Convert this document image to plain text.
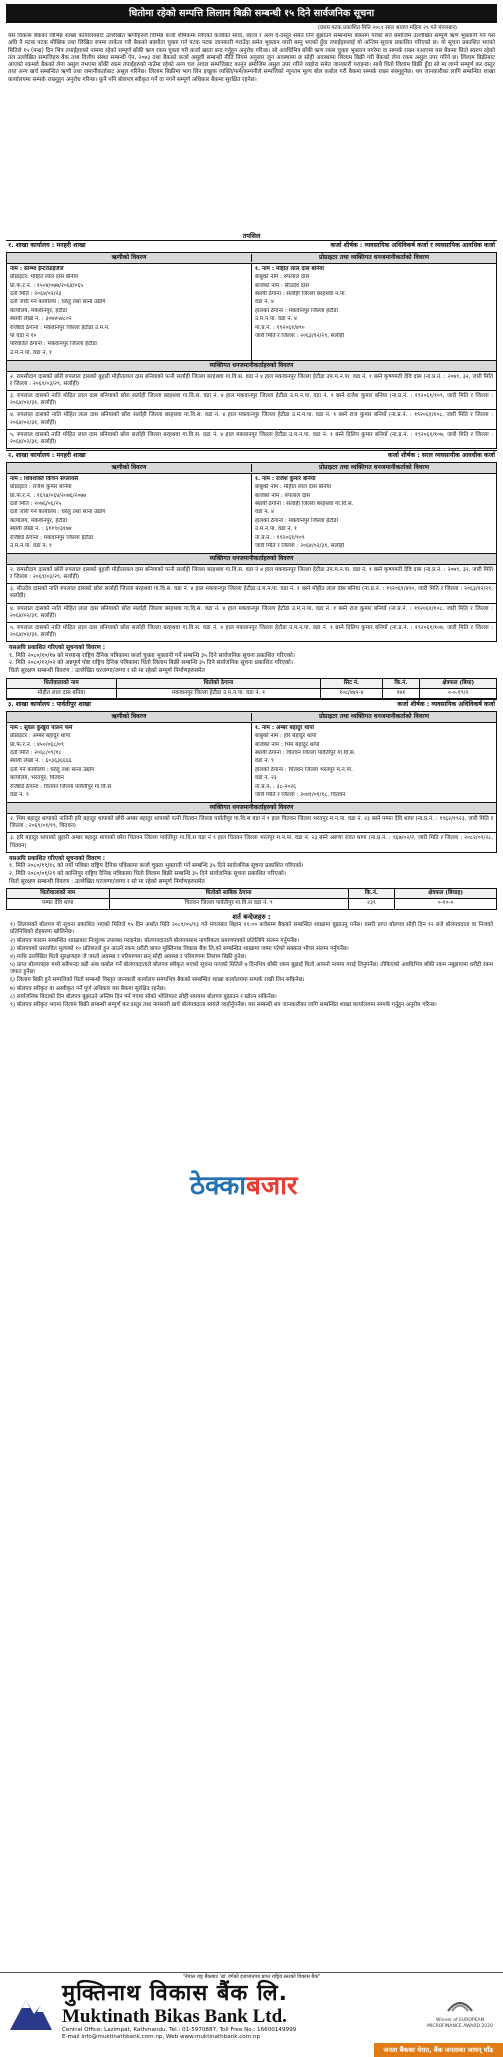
धितोमा रहेको सम्पत्ति लिलाम बिक्री सम्बन्धी १५ दिने सार्वजनिक सूचना
(प्रथम पटक प्रकाशित मिति २०८१ साल श्रावण महिना २९ गते मंगलबार)
यस विकास बैंकका विभिन्न शाखा कार्यालयबाट उल्लेखित ऋणीहरुले विभिन्न कर्जा शीर्षकमा लिएको कर्जाको साँवा, ब्याज र अन्य दै-दस्तुर समेत तिर्ने बुझाउने सम्बन्धमा बैकसंग गरेको सर्त बमोजिम उल्लेखित सम्पूर्ण ऋण भुक्तानी गर्न यस अघि नै पटक पटक मौखिक तथा लिखित रुपमा ताकेता गरी बैकको बक्यौता चुक्ता गर्न पटक पटक जानकारी गराउँदा समेत भुक्तान नगरी बस्नु भएको हुँदा तपाईंहरुलाई यो अन्तिम सूचना प्रकाशित गरिएको छ। यो सूचना प्रकाशित भएको मितिले १५ (पन्ध्र) दिन भित्र तपाईंहरुको नाममा रहेको सम्पूर्ण बाँकी ऋण रकम चुक्ता गरी कर्जा खाता बन्द गर्नुहुन अनुरोध गरिन्छ। सो अवधिभित्र बाँकी ऋण रकम चुक्ता भुक्तान नगरेमा वा सम्पर्क राख्न नआएमा यस बैकमा धितो स्वरुप रहेको तल उल्लेखित सम्पत्तिहरु बैक तथा वित्तीय संस्था सम्बन्धी ऐन, २०७३ तथा बैकको कर्जा असुली सम्बन्धी नीति नियम अनुसार जुन अवस्थामा छ सोही अवस्थामा लिलाम बिक्री गरी बैकको लेना रकम असुल उपर गरिने छ। लिलाम बिक्रीबाट आएको रकमले बैकको लेना असुल नभएमा बाँकी रकम तपाईंहरुको नाउँमा रहेको अन्य चल अचल सम्पत्तिबाट कानुन बमोजिम असुल उपर गरिने व्यहोरा समेत जानकारी गराइन्छ। साथै धितो लिलाम बिक्री हुँदा सो मा लाग्ने सम्पूर्ण कर दस्तुर तथा अन्य खर्च सम्बन्धित ऋणी तथा जमानीकर्ताबाट असुल गरिनेछ। लिलाम बिक्रीमा भाग लिन इच्छुक व्यक्ति/फर्म/कम्पनीले सम्पत्तिको न्यूनतम मूल्य बोल कबोल गरी बैकमा सम्पर्क राख्न सक्नुहुनेछ। थप जानकारीका लागि सम्बन्धित शाखा कार्यालयमा सम्पर्क राख्नुहुन अनुरोध गरिन्छ। कुनै पनि बोलपत्र स्वीकृत गर्ने वा नगर्ने सम्पूर्ण अधिकार बैकमा सुरक्षित रहनेछ।
तपसिल
१. शाखा कार्यालय : मनहरी शाखा	कर्जा शीर्षक : व्यवसायिक अधिविकर्ष कर्जा र व्यवसायिक आवधिक कर्जा
ऋणीको विवरण	प्रोप्राइटर तथा व्यक्तिगत धनजमानीकर्ताको विवरण
नाम : साम्भा ईन्टरप्राईजेज
प्रोप्राइटर: मोहित लाल दास बनिया
प्रा.फ.र.नं. : १५०४/०७७/२०६४/०६५
दर्ता मिति : २०६४/०२/२३
दर्ता जारी गर्ने कार्यालय : घरेलु तथा साना उद्योग
कार्यालय, मकवानपुर, हेटौडा
स्थायी लेखा नं. : ३०७४५४८०२
रजिष्टर्ड ठेगाना : मकवानपुर जिल्ला हेटौडा उ.म.न.
पा वडा नं १०
परिवर्तित ठेगाना : मकवानपुर जिल्ला हेटौडा
उ.म.न.पा. वडा नं. १
१. नाम : मोहीत लाल दास बनिया
बाबुको नाम : रुपलाल दास
बाजेको नाम : सीउदेव दास
स्थायी ठेगाना : सर्लाही जिल्ला बरहथवा न.पा.
वडा नं. ४
हालको ठेगाना : मकवानपुर जिल्ला हेटौडा
उ.म.न.पा. वडा नं. ४
ना.प्र.नं. : १९२०६१/४९०
जारी मिति र जिल्ला : २०६३/१२/२९, सर्लाही
व्यक्तिगत धनजमानीकर्ताहरुको विवरण
२. रामसौदाग दासको छोरी रुपलाल दासको बुहारी मोहीतलाल दास बनियाको पत्नी सर्लाही जिल्ला बरहथवा गा.वि.स. वडा नं ४ हाल मकवानपुर जिल्ला हेटौडा उप.म.न.पा. वडा नं. १ बस्ने कृष्णमती देवि दास (ना.प्र.नं. : २०७९, ३२, जारी मिति र जिल्ला : २०६९/०३/२९, सर्लाही)
३. रुपलाल दासको नाति मोहित लाल दास बनियाको छोरा सर्लाही जिल्ला बरहथवा गा.वि.स. वडा नं. ४ हाल मकवानपुर जिल्ला हेटौडा उ.म.न.पा. वडा नं. १ बस्ने राजेश कुमार बनिया (ना.प्र.नं. : १९२०६१/१०९, जारी मिति र जिल्ला : २०६४/०२/३१, सर्लाही)
४. रुपलाल दासको नाति मोहित लाल दास बनियाको छोरा सर्लाही जिल्ला बरहथवा गा.वि.स. वडा नं. ४ हाल मकवानपुर जिल्ला हेटौडा उ.म.न.पा. वडा नं. १ बस्ने राज कुमार बनियाँ (ना.प्र.नं. : १९२०६१/१०८, जारी मिति र जिल्ला : २०६४/०२/३१, सर्लाही)
५. रुपलाल दासको नाति मोहित लाल दास बनियाको छोरा सर्लाही जिल्ला बरहथवा गा.वि.स. वडा नं. ४ हाल मकवानपुर जिल्ला हेटौडा उ.म.न.पा. वडा नं. १ बस्ने दिलिप कुमार बनियाँ (ना.प्र.नं. : १९२०६१/१०७, जारी मिति र जिल्ला : २०६४/०२/३१, सर्लाही)
२. शाखा कार्यालय : मनहरी शाखा	कर्जा शीर्षक : सरल व्यवसायीक आवधीक कर्जा
ऋणीको विवरण	प्रोप्राइटर तथा व्यक्तिगत धनजमानीकर्ताको विवरण
नाम : शिवशक्ति किचन सप्लायर्स
प्रोप्राइटर : राजेश कुमार बनिया
प्रा.फ.र.नं. : १६९४/०६४/२०७६/२०७७
दर्ता मिति : २०७६/०६/२५
दर्ता जारी गर्ने कार्यालय : घरेलु तथा साना उद्योग
कार्यालय, मकवानपुर, हेटौडा
स्थायी लेखा नं. : ६११९०३१७४
रजिष्टर्ड ठेगाना : मकवानपुर जिल्ला हेटौडा
उ.म.न.पा. वडा नं. १
१. नाम : राजेश कुमार बनिया
बाबुको नाम : मोहीत लाल दास बनिया
बाजेको नाम : रुपलाल दास
स्थायी ठेगाना : सर्लाही जिल्ला बरहथवा गा.वि.स.
वडा नं. ४
हालको ठेगाना : मकवानपुर जिल्ला हेटौडा
उ.म.न.पा. वडा नं. १
ना.प्र.नं. : १९२०६१/१०९
जारी मिति र जिल्ला : २०६४/०२/३१, सर्लाही
व्यक्तिगत धनजमानीकर्ताहरुको विवरण
२. रामसौदाग दासको छोरी रुपलाल दासको बुहारी मोहीतलाल दास बनियाको पत्नी सर्लाही जिल्ला बरहथवा गा.वि.स. वडा नं ४ हाल मकवानपुर जिल्ला हेटौडा उप.म.न.पा. वडा नं. १ बस्ने कृष्णमती देवि दास (ना.प्र.नं. : २०७९, ३२, जारी मिति र जिल्ला : २०६९/०३/२९, सर्लाही)
३. सीउदेव दासको नाति रुपलाल दासको छोरा सर्लाही जिल्ला बरहथवा गा.वि.स. वडा नं. ४ हाल मकवानपुर जिल्ला हेटौडा उ.म.न.पा. वडा नं. १ बस्ने मोहीत लाल दास बनिया (ना.प्र.नं. : १९२०६१/४९०, जारी मिति र जिल्ला : २०६३/१२/२९, सर्लाही)
४. रुपलाल दासको नाति मोहित लाल दास बनियाको छोरा सर्लाही जिल्ला बरहथवा गा.वि.स. वडा नं. ४ हाल मकवानपुर जिल्ला हेटौडा उ.म.न.पा. वडा नं. १ बस्ने राज कुमार बनियाँ (ना.प्र.नं. : १९२०६१/१०८, जारी मिति र जिल्ला : २०६४/०२/३१, सर्लाही)
५. रुपलाल दासको नाति मोहित लाल दास बनियाको छोरा सर्लाही जिल्ला बरहथवा गा.वि.स. वडा नं. ४ हाल मकवानपुर जिल्ला हेटौडा उ.म.न.पा. वडा नं. १ बस्ने दिलिप कुमार बनियाँ (ना.प्र.नं. : १९२०६१/१०७, जारी मिति र जिल्ला : २०६४/०२/३१, सर्लाही)
यसअघि प्रकाशित गरिएको सूचनाको विवरण :
१. मिति २०८०/१०/१७ को मध्यान्ह राष्ट्रिय दैनिक पत्रिकामा कर्जा चुक्ता भुक्तानी गर्ने सम्बन्धि ३५ दिने सार्वजनिक सूचना प्रकाशित गरिएको।
२. मिति २०८०/१२/०२ को अन्नपूर्ण पोष्ट राष्ट्रिय दैनिक पत्रिकामा धितो लिलाम बिक्री सम्बन्धि ३५ दिने सार्वजनिक सूचना प्रकाशित गरिएको।
धितो सुरक्षण सम्बन्धी विवरण : उल्लेखित घरजग्गा/जग्गा र सो मा रहेको सम्पूर्ण निर्माणहरुसमेत
धितोवालाको नाम	धितोको ठेगाना	सिट नं.	कि.नं.	क्षेत्रफल (बिघा)
मोहीत लाल दास बनिया	मकवानपुर जिल्ला हेटौडा उ.म.न.पा. वडा नं. १	१०८/४४२-४	१७१	०-०-१९/२
३. शाखा कार्यालय : पार्वतीपुर शाखा	कर्जा शीर्षक : व्यवसायिक अधिविकर्ष कर्जा
ऋणीको विवरण	प्रोप्राइटर तथा व्यक्तिगत धनजमानीकर्ताको विवरण
नाम : सुवल कुखुरा पालन फर्म
प्रोप्राइटर : अम्बर बहादुर थापा
प्रा.फ.र.नं. : ४५०/०६८/०९
दर्ता मिति : २०६८/०९/१८
स्थायी लेखा नं. : ६०३६३६६६६
दर्ता गर्ने कार्यालय : घरेलु तथा साना उद्योग
कार्यालय, भरतपुर, चितवन
रजिष्टर्ड ठेगाना : चितवन जिल्ला पार्वतीपुर गा.वि.स
वडा नं. ९
१. नाम : अम्बर बहादुर थापा
बाबुको नाम : हरि बहादुर थापा
बाजेको नाम : भिम बहादुर थापा
स्थायी ठेगाना : चितवन जिल्ला पार्वतीपुर गा.वि.स.
वडा नं. ९
हालको ठेगाना : चितवन जिल्ला भरतपुर म.न.पा.
वडा नं. २३
ना.प्र.नं. : ३८-२०२६
जारी मिति र जिल्ला : २०४१/०१/१८, चितवन
व्यक्तिगत धनजमानीकर्ताहरुको विवरण
२. भिम बहादुर थापाको नातिनी हरि बहादुर थापाको छोरी अम्बर बहादुर थापाको पत्नी चितवन जिल्ला पार्वतीपुर गा.वि.स वडा नं ९ हाल चितवन जिल्ला भरतपुर म.न.पा. वडा नं. २३ बस्ने पम्फा देवि थापा (ना.प्र.नं. : १९६२/१९२३, जारी मिति र जिल्ला : २०६९/०१/१९, चितवन)
३. हरि बहादुर थापाको बुहारी अम्बर बहादुर थापाको छोरा चितवन जिल्ला पार्वतीपुर गा.वि.स वडा नं ९ हाल चितवन जिल्ला भरतपुर म.न.पा. वडा नं. २३ बस्ने अरुणा रावत थापा (ना.प्र.नं. : ९६७/०२/२, जारी मिति र जिल्ला : २०८२/०९/२८, चितवन)
यसअघि प्रकाशित गरिएको सूचनाको विवरण :
१. मिति २०८०/११/१८ को नयाँ पत्रिका राष्ट्रिय दैनिक पत्रिकामा कर्जा चुक्ता भुक्तानी गर्ने सम्बन्धि ३५ दिने सार्वजनिक सूचना प्रकाशित गरिएको।
२. मिति २०८०/०१/२९ को कान्तिपुर राष्ट्रिय दैनिक पत्रिकामा धितो लिलाम बिक्री सम्बन्धि ३५ दिने सार्वजनिक सूचना प्रकाशित गरिएको।
धितो सुरक्षण सम्बन्धी विवरण : उल्लेखित घरजग्गा/जग्गा र सो मा रहेको सम्पूर्ण निर्माणहरुसमेत
धितोवालाको नाम	धितोको साबिक ठेगाना	कि.नं.	क्षेत्रफल (बिघाह)
पम्फा देवि थापा	चितवन जिल्ला पार्वतीपुर गा.वि.स वडा नं. ९	२३९	०-१०-०
शर्त बन्देजहरु :

१) लिलामको बोलपत्र यो सूचना प्रकाशित भएको मितिले १५ दिन अर्थात मिति २०८१/०५/१३ गते मंगलबार बिहान ११:०० बजेसम्म बैकको सम्बन्धित शाखामा बुझाउनु पर्नेछ। यसरी प्राप्त बोलपत्र सोही दिन १२ बजे बोलपत्रदाता वा निजको प्रतिनिधिको रोहबरमा खोलिनेछ।

२) बोलपत्र फाराम सम्बन्धित शाखाबाट निःशुल्क उपलब्ध गराइनेछ। बोलपत्रदाताले बोलपत्रसाथ नागरिकता प्रमाणपत्रको प्रतिलिपि संलग्न गर्नुपर्नेछ।

३) बोलपत्रको प्रस्तावित मूल्यको १० प्रतिशतले हुन आउने रकम धरौटी बापत मुक्तिनाथ विकास बैंक लि.को सम्बन्धित शाखामा जम्मा गरेको सक्कल भौचर संलग्न गर्नुपर्नेछ।

४) माथि उल्लेखित धितो सुरक्षणहरु जे जस्तो अवस्था र परिमाणमा छन् सोही अवस्था र परिमाणमा लिलाम बिक्री हुनेछ।

५) प्राप्त बोलपत्रहरु मध्ये सबैभन्दा बढी अंक कबोल गर्ने बोलपत्रदाताले बोलपत्र स्वीकृत भएको सूचना पाएको मितिले ७ दिनभित्र बाँकी रकम बुझाई धितो आफ्नो नाममा गराई लिनुपर्नेछ। तोकिएको अवधिभित्र बाँकी रकम नबुझाएमा धरौटी रकम जफत हुनेछ।

६) लिलाम बिक्री हुने सम्पत्तिको धितो सम्बन्धी विस्तृत जानकारी कार्यालय समयभित्र बैकको सम्बन्धित शाखा कार्यालयमा सम्पर्क राखी लिन सकिनेछ।

७) बोलपत्र स्वीकृत वा अस्वीकृत गर्ने पूर्ण अधिकार यस बैकमा सुरक्षित रहनेछ।

८) सार्वजनिक बिदाको दिन बोलपत्र बुझाउने अन्तिम दिन पर्न गएमा सोको भोलिपल्ट सोही समयमा बोलपत्र बुझाउन र खोल्न सकिनेछ।

९) बोलपत्र स्वीकृत भएमा लिलाम बिक्री सम्बन्धी सम्पूर्ण कर दस्तुर तथा नामसारी खर्च बोलपत्रदाता स्वयंले व्यहोर्नुपर्नेछ। यस सम्बन्धी थप जानकारीका लागि सम्बन्धित शाखा कार्यालयमा सम्पर्क गर्नुहुन अनुरोध गरिन्छ।

ठेक्काबजार
"नेपाल राष्ट्र बैंकबाट 'ख' वर्गको इजाजतपत्र प्राप्त राष्ट्रिय स्तरको विकास बैंक"
मुक्तिनाथ विकास बैंक लि.
Muktinath Bikas Bank Ltd.
Central Office: Lazimpat, Kathmandu, Tel.: 01-5970887, Toll Free No.: 16600149999
E-mail info@muktinathbank.com.np, Web www.muktinathbank.com.np
Winner of EUROPEAN MICROFINANCE AWARD 2020
जनता बैंकका घेरात, बैंक जनताका जाघन् घाँढ
